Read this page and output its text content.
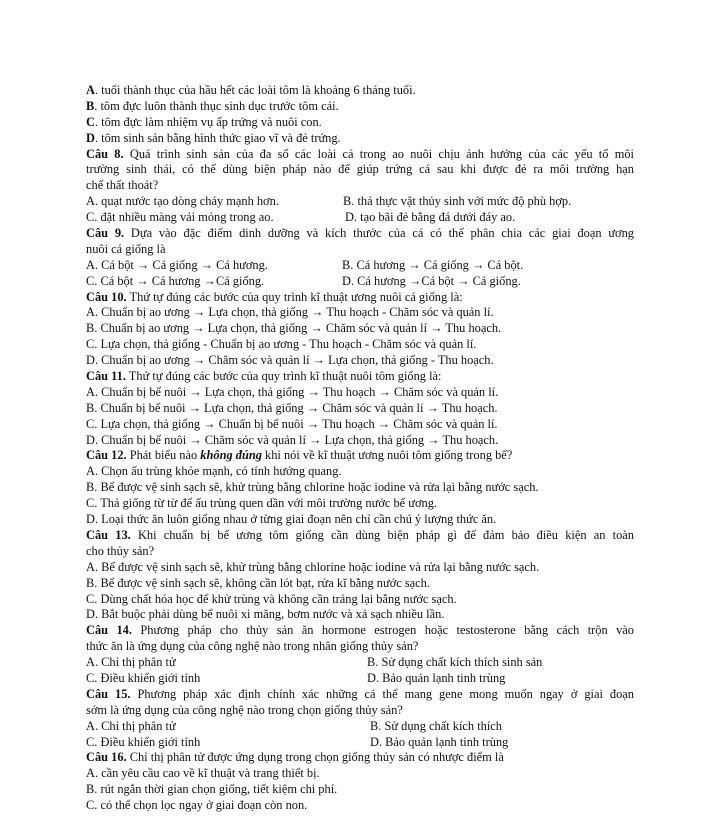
A. tuổi thành thục của hầu hết các loài tôm là khoảng 6 tháng tuổi.
B. tôm đực luôn thành thục sinh dục trước tôm cái.
C. tôm đực làm nhiệm vụ ấp trứng và nuôi con.
D. tôm sinh sản bằng hình thức giao vĩ và đẻ trứng.
Câu 8. Quá trình sinh sản của đa số các loài cá trong ao nuôi chịu ảnh hưởng của các yếu tố môi
trường sinh thái, có thể dùng biện pháp nào để giúp trứng cá sau khi được đẻ ra môi trường hạn
chế thất thoát?
A. quạt nước tạo dòng chảy mạnh hơn.	B. thả thực vật thủy sinh với mức độ phù hợp.
C. đặt nhiều màng vải mỏng trong ao.	D. tạo bãi đẻ bằng đá dưới đáy ao.
Câu 9. Dựa vào đặc điểm dinh dưỡng và kích thước của cá có thể phân chia các giai đoạn ương
nuôi cá giống là
A. Cá bột → Cá giống → Cá hương.	B. Cá hương → Cá giống → Cá bột.
C. Cá bột → Cá hương →Cá giống.	D. Cá hương →Cá bột → Cá giống.
Câu 10. Thứ tự đúng các bước của quy trình kĩ thuật ương nuôi cá giống là:
A. Chuẩn bị ao ương → Lựa chọn, thả giống → Thu hoạch - Chăm sóc và quản lí.
B. Chuẩn bị ao ương → Lựa chọn, thả giống → Chăm sóc và quản lí → Thu hoạch.
C. Lựa chọn, thả giống - Chuẩn bị ao ương - Thu hoạch - Chăm sóc và quản lí.
D. Chuẩn bị ao ương → Chăm sóc và quản lí → Lựa chọn, thả giống - Thu hoạch.
Câu 11. Thứ tự đúng các bước của quy trình kĩ thuật nuôi tôm giống là:
A. Chuẩn bị bể nuôi → Lựa chọn, thả giống → Thu hoạch → Chăm sóc và quản lí.
B. Chuẩn bị bể nuôi → Lựa chọn, thả giống → Chăm sóc và quản lí → Thu hoạch.
C. Lựa chọn, thả giống → Chuẩn bị bể nuôi → Thu hoạch → Chăm sóc và quản lí.
D. Chuẩn bị bể nuôi → Chăm sóc và quản lí → Lựa chọn, thả giống → Thu hoạch.
Câu 12. Phát biểu nào không đúng khi nói về kĩ thuật ương nuôi tôm giống trong bể?
A. Chọn ấu trùng khỏe mạnh, có tính hướng quang.
B. Bể được vệ sinh sạch sẽ, khử trùng bằng chlorine hoặc iodine và rửa lại bằng nước sạch.
C. Thả giống từ từ để ấu trùng quen dần với môi trường nước bể ương.
D. Loại thức ăn luôn giống nhau ở từng giai đoạn nên chỉ cần chú ý lượng thức ăn.
Câu 13. Khi chuẩn bị bể ương tôm giống cần dùng biện pháp gì để đảm bảo điều kiện an toàn
cho thủy sản?
A. Bể được vệ sinh sạch sẽ, khử trùng bằng chlorine hoặc iodine và rửa lại bằng nước sạch.
B. Bể được vệ sinh sạch sẽ, không cần lót bạt, rửa kĩ bằng nước sạch.
C. Dùng chất hóa học để khử trùng và không cần tráng lại bằng nước sạch.
D. Bắt buộc phải dùng bể nuôi xi măng, bơm nước và xả sạch nhiều lần.
Câu 14. Phương pháp cho thủy sản ăn hormone estrogen hoặc testosterone bằng cách trộn vào
thức ăn là ứng dụng của công nghệ nào trong nhân giống thủy sản?
A. Chỉ thị phân tử	B. Sử dụng chất kích thích sinh sản
C. Điều khiển giới tính	D. Bảo quản lạnh tinh trùng
Câu 15. Phương pháp xác định chính xác những cá thể mang gene mong muốn ngay ở giai đoạn
sớm là ứng dụng của công nghệ nào trong chọn giống thủy sản?
A. Chỉ thị phân tử	B. Sử dụng chất kích thích
C. Điều khiển giới tính	D. Bảo quản lạnh tinh trùng
Câu 16. Chỉ thị phân tử được ứng dụng trong chọn giống thủy sản có nhược điểm là
A. cần yêu cầu cao về kĩ thuật và trang thiết bị.
B. rút ngắn thời gian chọn giống, tiết kiệm chi phí.
C. có thể chọn lọc ngay ở giai đoạn còn non.
